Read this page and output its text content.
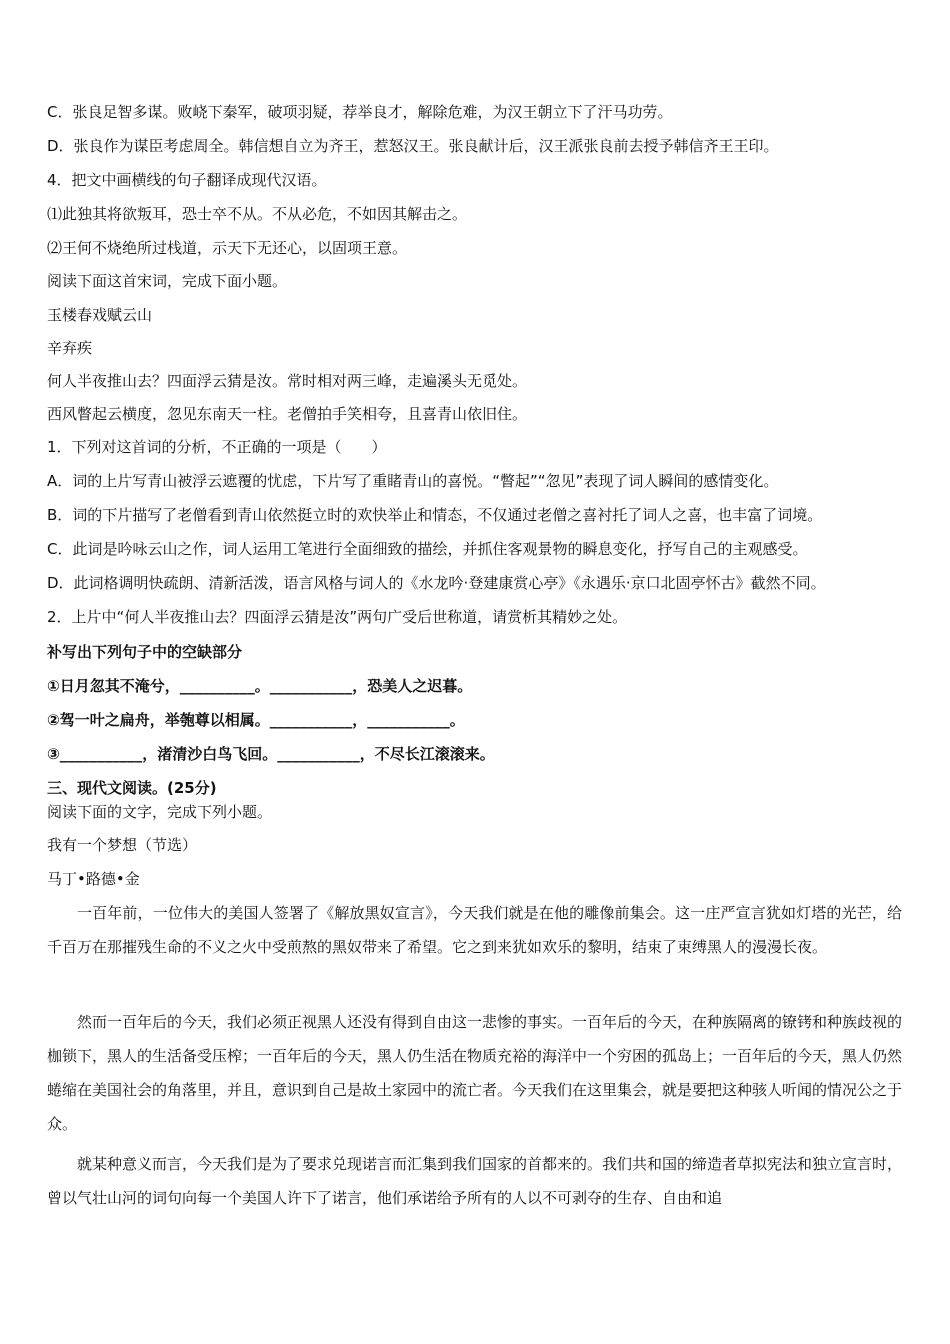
C．张良足智多谋。败峣下秦军，破项羽疑，荐举良才，解除危难，为汉王朝立下了汗马功劳。
D．张良作为谋臣考虑周全。韩信想自立为齐王，惹怒汉王。张良献计后，汉王派张良前去授予韩信齐王王印。
4．把文中画横线的句子翻译成现代汉语。
⑴此独其将欲叛耳，恐士卒不从。不从必危，不如因其解击之。
⑵王何不烧绝所过栈道，示天下无还心，以固项王意。
阅读下面这首宋词，完成下面小题。
玉楼春戏赋云山
辛弃疾
何人半夜推山去？四面浮云猜是汝。常时相对两三峰，走遍溪头无觅处。
西风瞥起云横度，忽见东南天一柱。老僧拍手笑相夸，且喜青山依旧住。
1．下列对这首词的分析，不正确的一项是（　　）
A．词的上片写青山被浮云遮覆的忧虑，下片写了重睹青山的喜悦。“瞥起”“忽见”表现了词人瞬间的感情变化。
B．词的下片描写了老僧看到青山依然挺立时的欢快举止和情态，不仅通过老僧之喜衬托了词人之喜，也丰富了词境。
C．此词是吟咏云山之作，词人运用工笔进行全面细致的描绘，并抓住客观景物的瞬息变化，抒写自己的主观感受。
D．此词格调明快疏朗、清新活泼，语言风格与词人的《水龙吟·登建康赏心亭》《永遇乐·京口北固亭怀古》截然不同。
2．上片中“何人半夜推山去？四面浮云猜是汝”两句广受后世称道，请赏析其精妙之处。
补写出下列句子中的空缺部分
①日月忽其不淹兮，__________。___________，恐美人之迟暮。
②驾一叶之扁舟，举匏尊以相属。___________，___________。
③___________，渚清沙白鸟飞回。___________，不尽长江滚滚来。
三、现代文阅读。(25分)
阅读下面的文字，完成下列小题。
我有一个梦想（节选）
马丁•路德•金

一百年前，一位伟大的美国人签署了《解放黑奴宣言》，今天我们就是在他的雕像前集会。这一庄严宣言犹如灯塔的光芒，给千百万在那摧残生命的不义之火中受煎熬的黑奴带来了希望。它之到来犹如欢乐的黎明，结束了束缚黑人的漫漫长夜。

然而一百年后的今天，我们必须正视黑人还没有得到自由这一悲惨的事实。一百年后的今天，在种族隔离的镣铐和种族歧视的枷锁下，黑人的生活备受压榨；一百年后的今天，黑人仍生活在物质充裕的海洋中一个穷困的孤岛上；一百年后的今天，黑人仍然蜷缩在美国社会的角落里，并且，意识到自己是故土家园中的流亡者。今天我们在这里集会，就是要把这种骇人听闻的情况公之于众。

就某种意义而言，今天我们是为了要求兑现诺言而汇集到我们国家的首都来的。我们共和国的缔造者草拟宪法和独立宣言时，曾以气壮山河的词句向每一个美国人许下了诺言，他们承诺给予所有的人以不可剥夺的生存、自由和追
